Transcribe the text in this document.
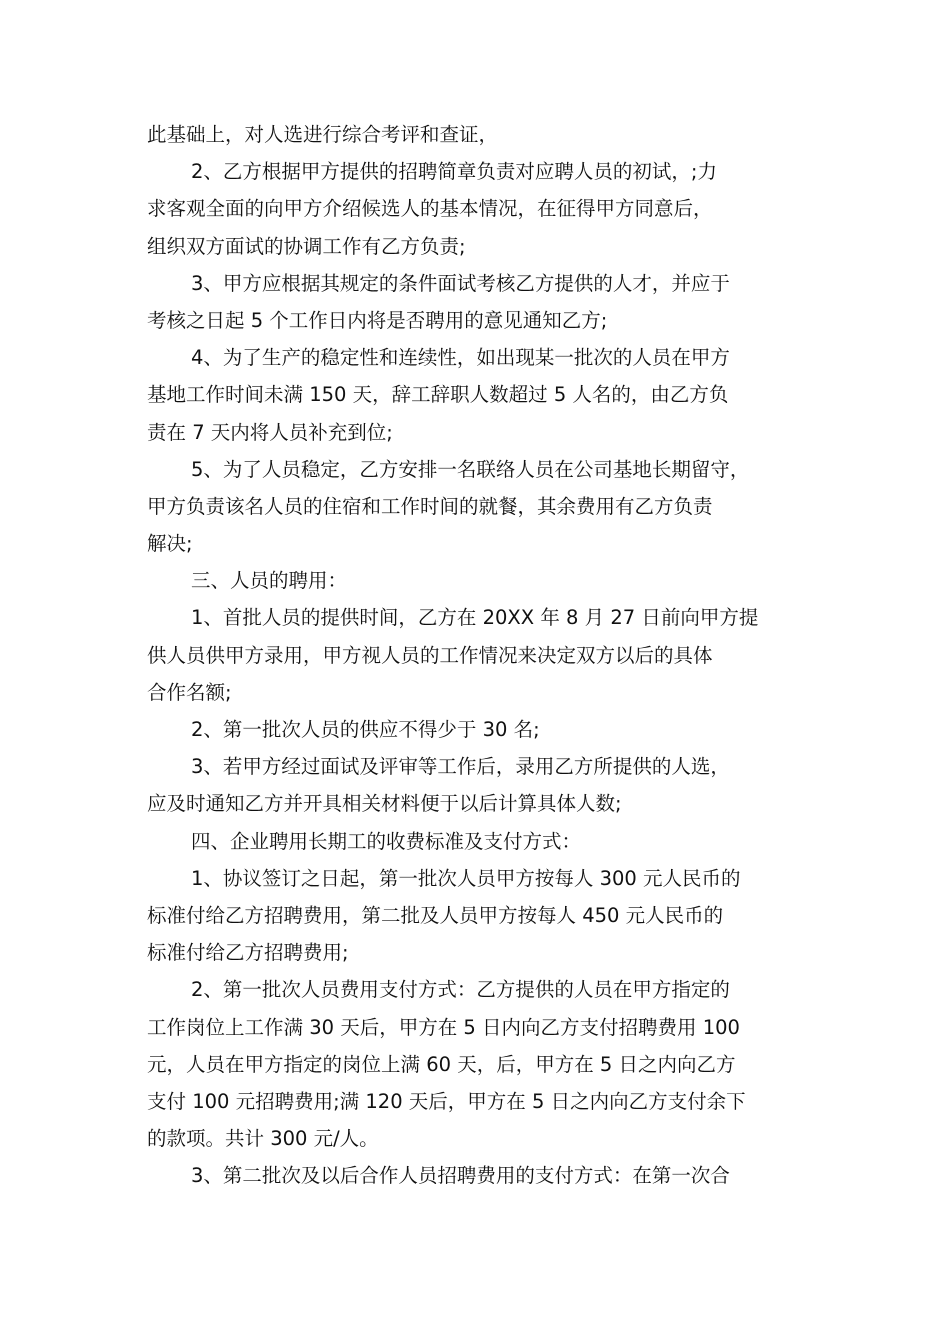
此基础上，对人选进行综合考评和查证，
2、乙方根据甲方提供的招聘简章负责对应聘人员的初试，;力
求客观全面的向甲方介绍候选人的基本情况，在征得甲方同意后，
组织双方面试的协调工作有乙方负责;
3、甲方应根据其规定的条件面试考核乙方提供的人才，并应于
考核之日起 5 个工作日内将是否聘用的意见通知乙方;
4、为了生产的稳定性和连续性，如出现某一批次的人员在甲方
基地工作时间未满 150 天，辞工辞职人数超过 5 人名的，由乙方负
责在 7 天内将人员补充到位;
5、为了人员稳定，乙方安排一名联络人员在公司基地长期留守，
甲方负责该名人员的住宿和工作时间的就餐，其余费用有乙方负责
解决;
三、人员的聘用：
1、首批人员的提供时间，乙方在 20XX 年 8 月 27 日前向甲方提
供人员供甲方录用，甲方视人员的工作情况来决定双方以后的具体
合作名额;
2、第一批次人员的供应不得少于 30 名;
3、若甲方经过面试及评审等工作后，录用乙方所提供的人选，
应及时通知乙方并开具相关材料便于以后计算具体人数;
四、企业聘用长期工的收费标准及支付方式：
1、协议签订之日起，第一批次人员甲方按每人 300 元人民币的
标准付给乙方招聘费用，第二批及人员甲方按每人 450 元人民币的
标准付给乙方招聘费用;
2、第一批次人员费用支付方式：乙方提供的人员在甲方指定的
工作岗位上工作满 30 天后，甲方在 5 日内向乙方支付招聘费用 100
元，人员在甲方指定的岗位上满 60 天，后，甲方在 5 日之内向乙方
支付 100 元招聘费用;满 120 天后，甲方在 5 日之内向乙方支付余下
的款项。共计 300 元/人。
3、第二批次及以后合作人员招聘费用的支付方式：在第一次合
